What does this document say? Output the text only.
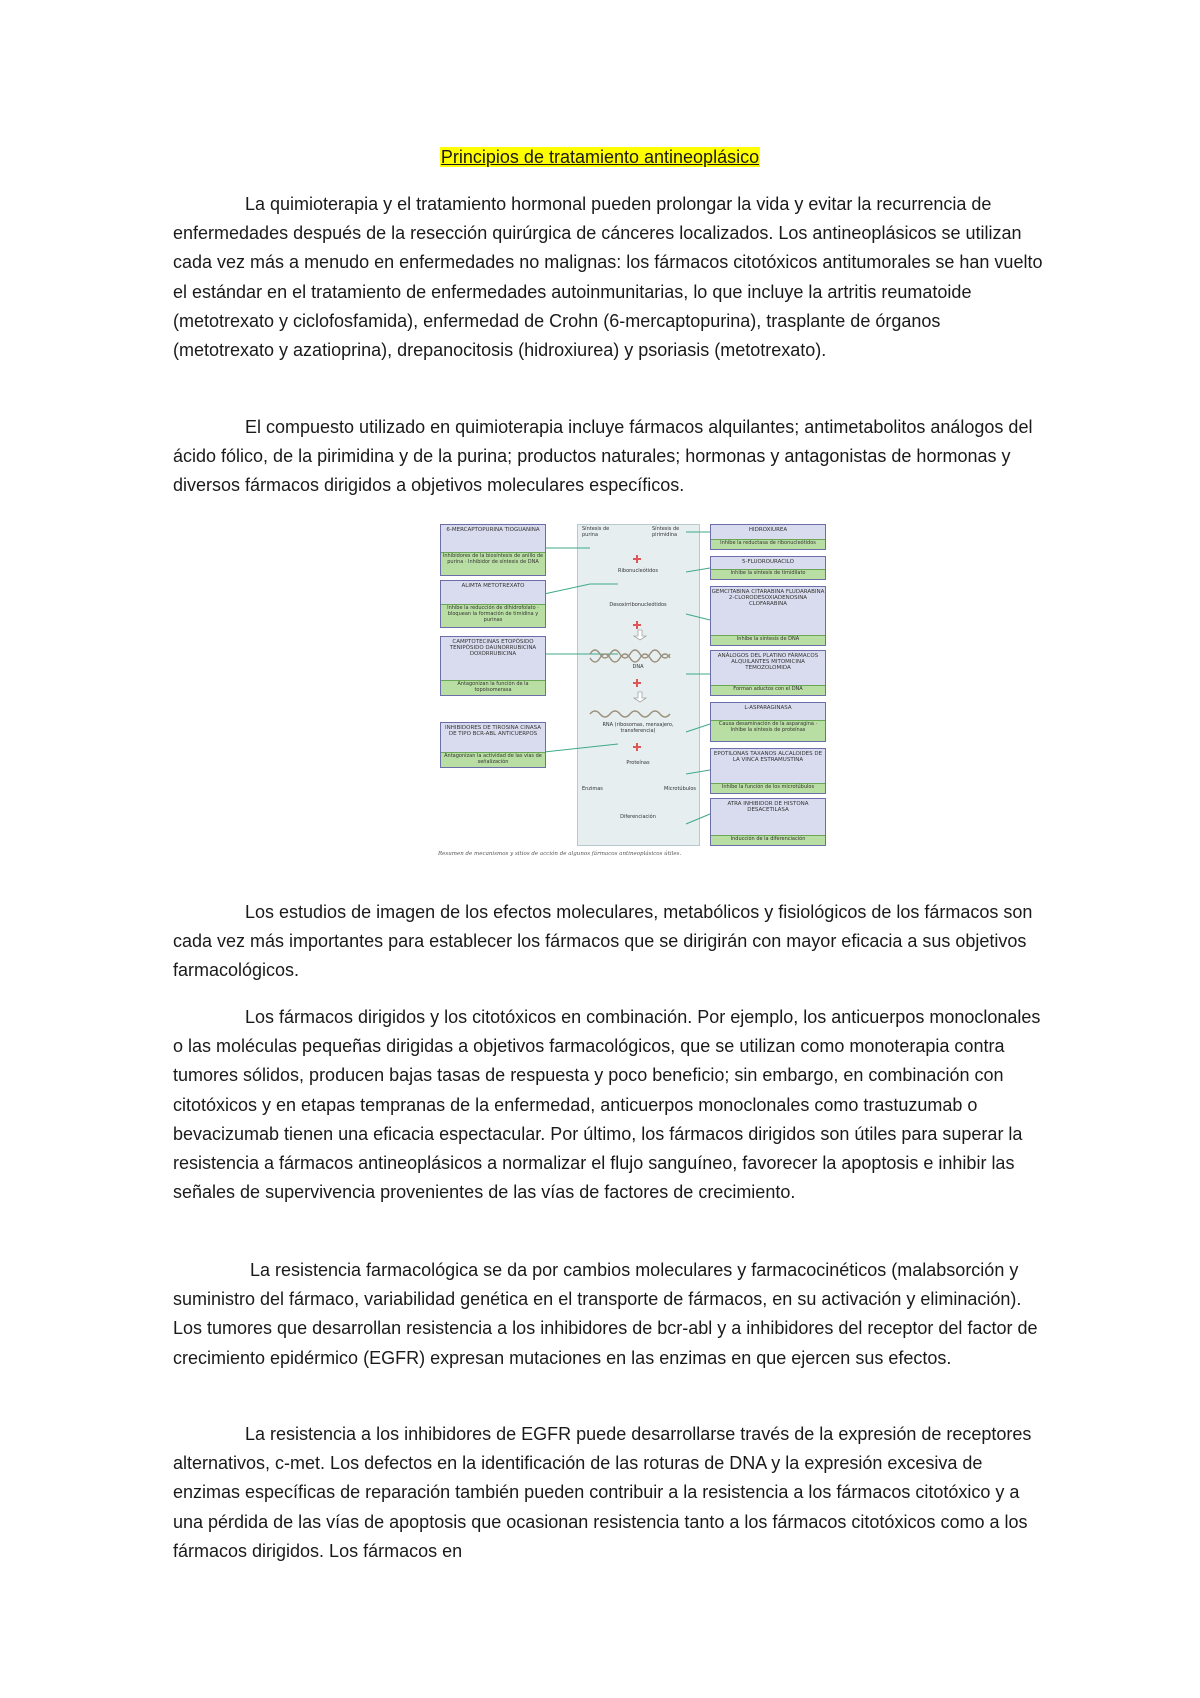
Principios de tratamiento antineoplásico

La quimioterapia y el tratamiento hormonal pueden prolongar la vida y evitar la recurrencia de enfermedades después de la resección quirúrgica de cánceres localizados. Los antineoplásicos se utilizan cada vez más a menudo en enfermedades no malignas: los fármacos citotóxicos antitumorales se han vuelto el estándar en el tratamiento de enfermedades autoinmunitarias, lo que incluye la artritis reumatoide (metotrexato y ciclofosfamida), enfermedad de Crohn (6-mercaptopurina), trasplante de órganos (metotrexato y azatioprina), drepanocitosis (hidroxiurea) y psoriasis (metotrexato).

El compuesto utilizado en quimioterapia incluye fármacos alquilantes; antimetabolitos análogos del ácido fólico, de la pirimidina y de la purina; productos naturales; hormonas y antagonistas de hormonas y diversos fármacos dirigidos a objetivos moleculares específicos.

6-MERCAPTOPURINA TIOGUANINA
Inhibidores de la biosíntesis de anillo de purina · Inhibidor de síntesis de DNA
ALIMTA METOTREXATO
Inhibe la reducción de dihidrofolato · bloquean la formación de timidina y purinas
CAMPTOTECINAS ETOPÓSIDO TENIPÓSIDO DAUNORRUBICINA DOXORRUBICINA
Antagonizan la función de la topoisomerasa
INHIBIDORES DE TIROSINA CINASA DE TIPO BCR-ABL ANTICUERPOS
Antagonizan la actividad de las vías de señalización
HIDROXIUREA
Inhibe la reductasa de ribonucleótidos
5-FLUOROURACILO
Inhibe la síntesis de timidilato
GEMCITABINA CITARABINA FLUDARABINA 2-CLORODESOXIADENOSINA CLOFARABINA
Inhibe la síntesis de DNA
ANÁLOGOS DEL PLATINO FÁRMACOS ALQUILANTES MITOMICINA TEMOZOLOMIDA
Forman aductos con el DNA
L-ASPARAGINASA
Causa desaminación de la asparagina · Inhibe la síntesis de proteínas
EPOTILONAS TAXANOS ALCALOIDES DE LA VINCA ESTRAMUSTINA
Inhibe la función de los microtúbulos
ATRA INHIBIDOR DE HISTONA DESACETILASA
Inducción de la diferenciación
Síntesis de purina
Síntesis de pirimidina
Ribonucleótidos
Desoxirribonucleótidos
DNA
RNA (ribosomas, mensajero, transferencia)
Proteínas
Enzimas	Microtúbulos
Diferenciación
Resumen de mecanismos y sitios de acción de algunos fármacos antineoplásicos útiles.

Los estudios de imagen de los efectos moleculares, metabólicos y fisiológicos de los fármacos son cada vez más importantes para establecer los fármacos que se dirigirán con mayor eficacia a sus objetivos farmacológicos.

Los fármacos dirigidos y los citotóxicos en combinación. Por ejemplo, los anticuerpos monoclonales o las moléculas pequeñas dirigidas a objetivos farmacológicos, que se utilizan como monoterapia contra tumores sólidos, producen bajas tasas de respuesta y poco beneficio; sin embargo, en combinación con citotóxicos y en etapas tempranas de la enfermedad, anticuerpos monoclonales como trastuzumab o bevacizumab tienen una eficacia espectacular. Por último, los fármacos dirigidos son útiles para superar la resistencia a fármacos antineoplásicos a normalizar el flujo sanguíneo, favorecer la apoptosis e inhibir las señales de supervivencia provenientes de las vías de factores de crecimiento.

La resistencia farmacológica se da por cambios moleculares y farmacocinéticos (malabsorción y suministro del fármaco, variabilidad genética en el transporte de fármacos, en su activación y eliminación). Los tumores que desarrollan resistencia a los inhibidores de bcr-abl y a inhibidores del receptor del factor de crecimiento epidérmico (EGFR) expresan mutaciones en las enzimas en que ejercen sus efectos.

La resistencia a los inhibidores de EGFR puede desarrollarse través de la expresión de receptores alternativos, c-met. Los defectos en la identificación de las roturas de DNA y la expresión excesiva de enzimas específicas de reparación también pueden contribuir a la resistencia a los fármacos citotóxico y a una pérdida de las vías de apoptosis que ocasionan resistencia tanto a los fármacos citotóxicos como a los fármacos dirigidos. Los fármacos en
